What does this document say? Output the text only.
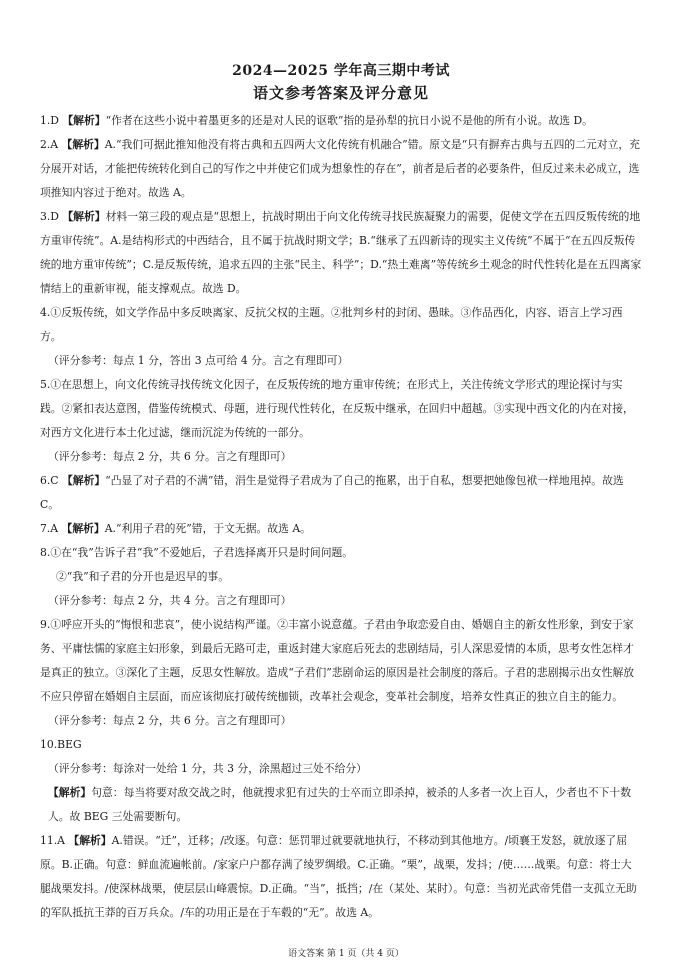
2024—2025 学年高三期中考试
语文参考答案及评分意见

1.D 【解析】“作者在这些小说中着墨更多的还是对人民的讴歌”指的是孙犁的抗日小说不是他的所有小说。故选 D。

2.A 【解析】A.“我们可据此推知他没有将古典和五四两大文化传统有机融合”错。原文是“只有摒弃古典与五四的二元对立，充分展开对话，才能把传统转化到自己的写作之中并使它们成为想象性的存在”，前者是后者的必要条件，但反过来未必成立，选项推知内容过于绝对。故选 A。

3.D 【解析】材料一第三段的观点是“思想上，抗战时期出于向文化传统寻找民族凝聚力的需要，促使文学在五四反叛传统的地方重审传统”。A.是结构形式的中西结合，且不属于抗战时期文学；B.“继承了五四新诗的现实主义传统”不属于“在五四反叛传统的地方重审传统”；C.是反叛传统，追求五四的主张“民主、科学”；D.“热土难离”等传统乡土观念的时代性转化是在五四离家情结上的重新审视，能支撑观点。故选 D。

4.①反叛传统，如文学作品中多反映离家、反抗父权的主题。②批判乡村的封闭、愚昧。③作品西化，内容、语言上学习西方。

（评分参考：每点 1 分，答出 3 点可给 4 分。言之有理即可）

5.①在思想上，向文化传统寻找传统文化因子，在反叛传统的地方重审传统；在形式上，关注传统文学形式的理论探讨与实践。②紧扣表达意图，借鉴传统模式、母题，进行现代性转化，在反叛中继承，在回归中超越。③实现中西文化的内在对接，对西方文化进行本土化过滤，继而沉淀为传统的一部分。

（评分参考：每点 2 分，共 6 分。言之有理即可）

6.C 【解析】“凸显了对子君的不满”错，涓生是觉得子君成为了自己的拖累，出于自私，想要把她像包袱一样地甩掉。故选 C。

7.A 【解析】A.“利用子君的死”错，于文无据。故选 A。

8.①在“我”告诉子君“我”不爱她后，子君选择离开只是时间问题。

②“我”和子君的分开也是迟早的事。

（评分参考：每点 2 分，共 4 分。言之有理即可）

9.①呼应开头的“悔恨和悲哀”，使小说结构严谨。②丰富小说意蕴。子君由争取恋爱自由、婚姻自主的新女性形象，到安于家务、平庸怯懦的家庭主妇形象，到最后无路可走，重返封建大家庭后死去的悲剧结局，引人深思爱情的本质，思考女性怎样才是真正的独立。③深化了主题，反思女性解放。造成“子君们”悲剧命运的原因是社会制度的落后。子君的悲剧揭示出女性解放不应只停留在婚姻自主层面，而应该彻底打破传统枷锁，改革社会观念，变革社会制度，培养女性真正的独立自主的能力。

（评分参考：每点 2 分，共 6 分。言之有理即可）

10.BEG

（评分参考：每涂对一处给 1 分，共 3 分，涂黑超过三处不给分）

【解析】句意：每当将要对敌交战之时，他就搜求犯有过失的士卒而立即杀掉，被杀的人多者一次上百人，少者也不下十数人。故 BEG 三处需要断句。

11.A 【解析】A.错误。“迁”，迁移；/改逐。句意：惩罚罪过就要就地执行，不移动到其他地方。/顷襄王发怒，就放逐了屈原。B.正确。句意：鲜血流遍帐前。/家家户户都存满了绫罗绸缎。C.正确。“栗”，战栗，发抖；/使……战栗。句意：将士大腿战栗发抖。/使深林战栗，使层层山峰震惊。D.正确。“当”，抵挡；/在（某处、某时）。句意：当初光武帝凭借一支孤立无助的军队抵抗王莽的百万兵众。/车的功用正是在于车毂的“无”。故选 A。

语文答案 第 1 页（共 4 页）
